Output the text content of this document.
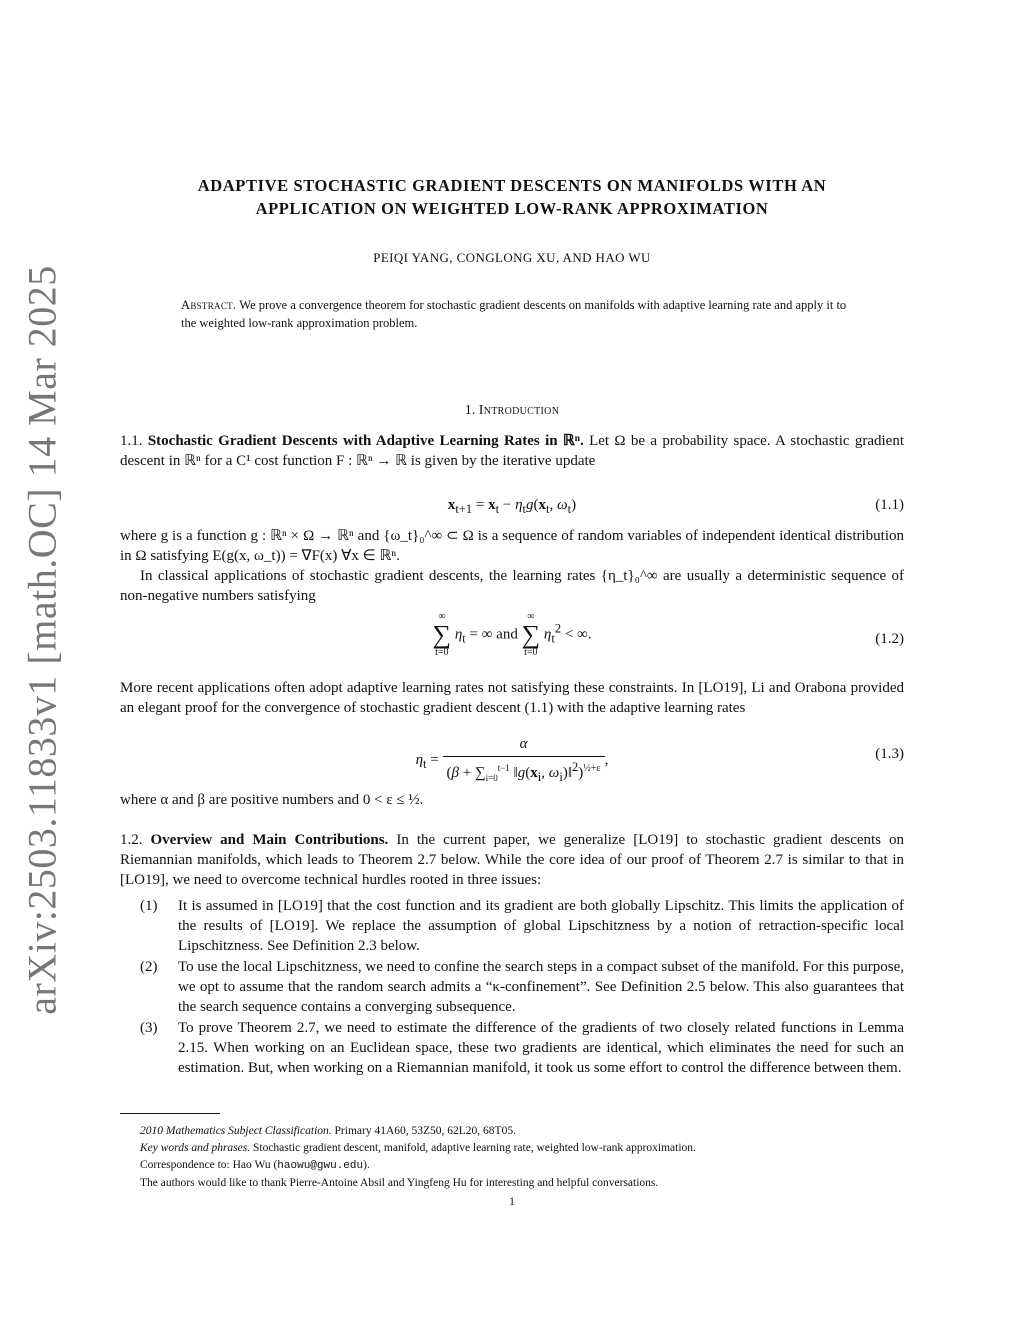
arXiv:2503.11833v1 [math.OC] 14 Mar 2025
ADAPTIVE STOCHASTIC GRADIENT DESCENTS ON MANIFOLDS WITH AN
APPLICATION ON WEIGHTED LOW-RANK APPROXIMATION
PEIQI YANG, CONGLONG XU, AND HAO WU
Abstract. We prove a convergence theorem for stochastic gradient descents on manifolds with adaptive learning rate and apply it to the weighted low-rank approximation problem.
1. Introduction
1.1. Stochastic Gradient Descents with Adaptive Learning Rates in ℝⁿ. Let Ω be a probability space. A stochastic gradient descent in ℝⁿ for a C¹ cost function F : ℝⁿ → ℝ is given by the iterative update
$x_{t+1} = x_t - \eta_tg(x_t$, $\omega_t$)	(1.1)
where g is a function g : ℝⁿ × Ω → ℝⁿ and {ω_t}₀^∞ ⊂ Ω is a sequence of random variables of independent identical distribution in Ω satisfying E(g(x, ω_t)) = ∇F(x) ∀x ∈ ℝⁿ.
In classical applications of stochastic gradient descents, the learning rates {η_t}₀^∞ are usually a deterministic sequence of non-negative numbers satisfying
∞
∑
t=0
$\eta_t$ = ∞ and
∞
∑
t=0
$\eta_t^2$ < ∞.	(1.2)
More recent applications often adopt adaptive learning rates not satisfying these constraints. In [LO19], Li and Orabona provided an elegant proof for the convergence of stochastic gradient descent (1.1) with the adaptive learning rates
$\eta_t = \frac{\alpha}{(\beta + \sum_{i=0}^{t-1} ‖g(x_i, \omega_i)‖^2)^{\frac{1}{2}+\varepsilon}}$ ,	(1.3)
where α and β are positive numbers and 0 < ε ≤ ½.
1.2. Overview and Main Contributions. In the current paper, we generalize [LO19] to stochastic gradient descents on Riemannian manifolds, which leads to Theorem 2.7 below. While the core idea of our proof of Theorem 2.7 is similar to that in [LO19], we need to overcome technical hurdles rooted in three issues:
(1) It is assumed in [LO19] that the cost function and its gradient are both globally Lipschitz. This limits the application of the results of [LO19]. We replace the assumption of global Lipschitzness by a notion of retraction-specific local Lipschitzness. See Definition 2.3 below.
(2) To use the local Lipschitzness, we need to confine the search steps in a compact subset of the manifold. For this purpose, we opt to assume that the random search admits a “κ-confinement”. See Definition 2.5 below. This also guarantees that the search sequence contains a converging subsequence.
(3) To prove Theorem 2.7, we need to estimate the difference of the gradients of two closely related functions in Lemma 2.15. When working on an Euclidean space, these two gradients are identical, which eliminates the need for such an estimation. But, when working on a Riemannian manifold, it took us some effort to control the difference between them.
2010 Mathematics Subject Classification. Primary 41A60, 53Z50, 62L20, 68T05.
Key words and phrases. Stochastic gradient descent, manifold, adaptive learning rate, weighted low-rank approximation.
Correspondence to: Hao Wu (haowu@gwu.edu).
The authors would like to thank Pierre-Antoine Absil and Yingfeng Hu for interesting and helpful conversations.
1
